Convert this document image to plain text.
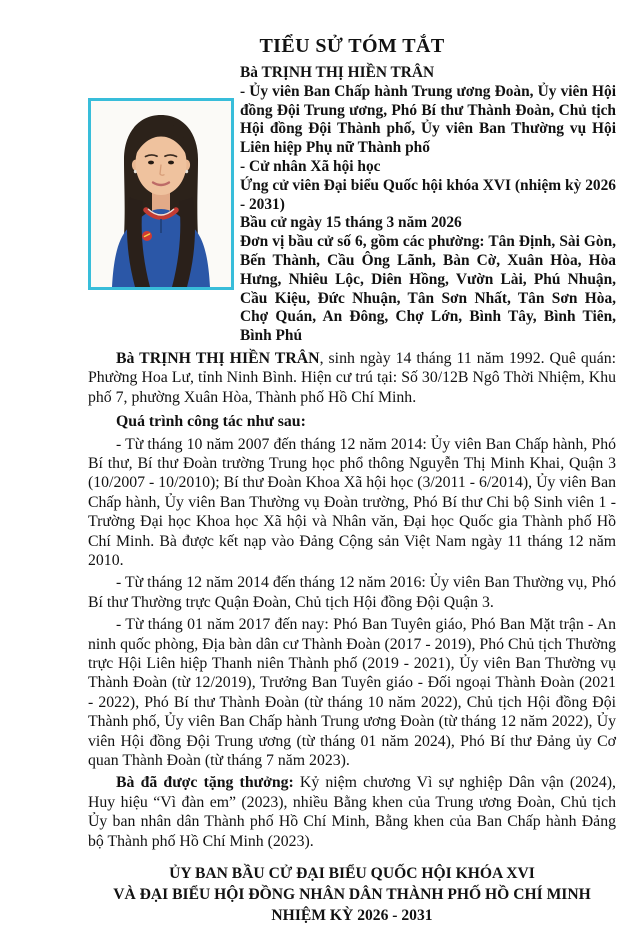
TIỂU SỬ TÓM TẮT

Bà TRỊNH THỊ HIỀN TRÂN

- Ủy viên Ban Chấp hành Trung ương Đoàn, Ủy viên Hội đồng Đội Trung ương, Phó Bí thư Thành Đoàn, Chủ tịch Hội đồng Đội Thành phố, Ủy viên Ban Thường vụ Hội Liên hiệp Phụ nữ Thành phố

- Cử nhân Xã hội học

Ứng cử viên Đại biểu Quốc hội khóa XVI (nhiệm kỳ 2026 - 2031)

Bầu cử ngày 15 tháng 3 năm 2026

Đơn vị bầu cử số 6, gồm các phường: Tân Định, Sài Gòn, Bến Thành, Cầu Ông Lãnh, Bàn Cờ, Xuân Hòa, Hòa Hưng, Nhiêu Lộc, Diên Hồng, Vườn Lài, Phú Nhuận, Cầu Kiệu, Đức Nhuận, Tân Sơn Nhất, Tân Sơn Hòa, Chợ Quán, An Đông, Chợ Lớn, Bình Tây, Bình Tiên, Bình Phú

Bà TRỊNH THỊ HIỀN TRÂN, sinh ngày 14 tháng 11 năm 1992. Quê quán: Phường Hoa Lư, tỉnh Ninh Bình. Hiện cư trú tại: Số 30/12B Ngô Thời Nhiệm, Khu phố 7, phường Xuân Hòa, Thành phố Hồ Chí Minh.

Quá trình công tác như sau:

- Từ tháng 10 năm 2007 đến tháng 12 năm 2014: Ủy viên Ban Chấp hành, Phó Bí thư, Bí thư Đoàn trường Trung học phổ thông Nguyễn Thị Minh Khai, Quận 3 (10/2007 - 10/2010); Bí thư Đoàn Khoa Xã hội học (3/2011 - 6/2014), Ủy viên Ban Chấp hành, Ủy viên Ban Thường vụ Đoàn trường, Phó Bí thư Chi bộ Sinh viên 1 - Trường Đại học Khoa học Xã hội và Nhân văn, Đại học Quốc gia Thành phố Hồ Chí Minh. Bà được kết nạp vào Đảng Cộng sản Việt Nam ngày 11 tháng 12 năm 2010.

- Từ tháng 12 năm 2014 đến tháng 12 năm 2016: Ủy viên Ban Thường vụ, Phó Bí thư Thường trực Quận Đoàn, Chủ tịch Hội đồng Đội Quận 3.

- Từ tháng 01 năm 2017 đến nay: Phó Ban Tuyên giáo, Phó Ban Mặt trận - An ninh quốc phòng, Địa bàn dân cư Thành Đoàn (2017 - 2019), Phó Chủ tịch Thường trực Hội Liên hiệp Thanh niên Thành phố (2019 - 2021), Ủy viên Ban Thường vụ Thành Đoàn (từ 12/2019), Trưởng Ban Tuyên giáo - Đối ngoại Thành Đoàn (2021 - 2022), Phó Bí thư Thành Đoàn (từ tháng 10 năm 2022), Chủ tịch Hội đồng Đội Thành phố, Ủy viên Ban Chấp hành Trung ương Đoàn (từ tháng 12 năm 2022), Ủy viên Hội đồng Đội Trung ương (từ tháng 01 năm 2024), Phó Bí thư Đảng ủy Cơ quan Thành Đoàn (từ tháng 7 năm 2023).

Bà đã được tặng thưởng: Kỷ niệm chương Vì sự nghiệp Dân vận (2024), Huy hiệu “Vì đàn em” (2023), nhiều Bằng khen của Trung ương Đoàn, Chủ tịch Ủy ban nhân dân Thành phố Hồ Chí Minh, Bằng khen của Ban Chấp hành Đảng bộ Thành phố Hồ Chí Minh (2023).

ỦY BAN BẦU CỬ ĐẠI BIỂU QUỐC HỘI KHÓA XVI
VÀ ĐẠI BIỂU HỘI ĐỒNG NHÂN DÂN THÀNH PHỐ HỒ CHÍ MINH
NHIỆM KỲ 2026 - 2031
